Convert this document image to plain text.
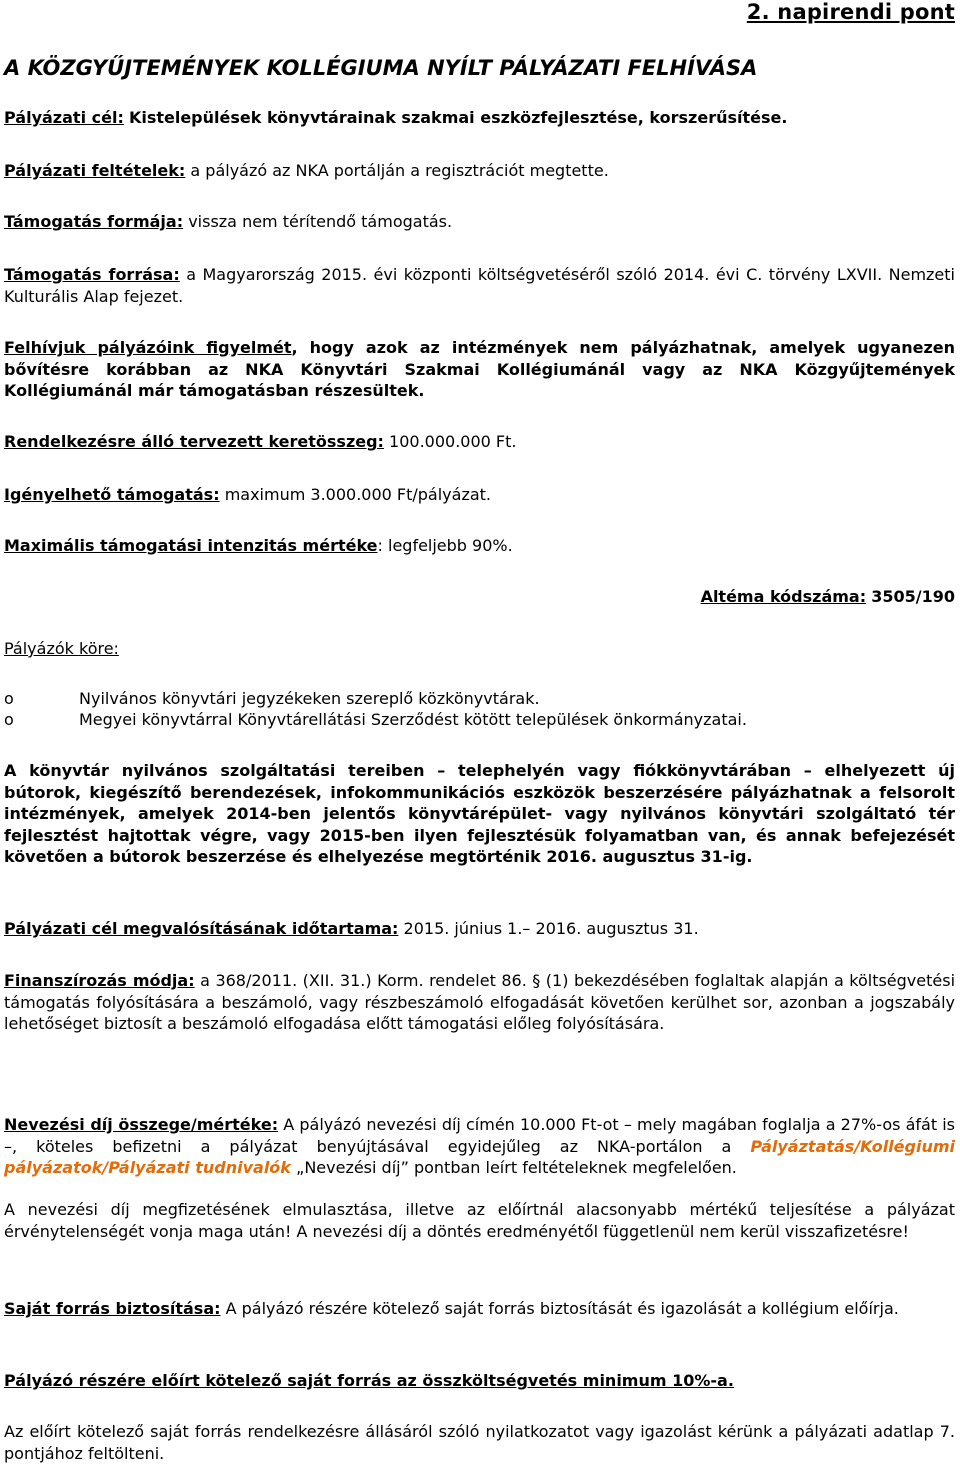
2. napirendi pont
A KÖZGYŰJTEMÉNYEK KOLLÉGIUMA NYÍLT PÁLYÁZATI FELHÍVÁSA
Pályázati cél: Kistelepülések könyvtárainak szakmai eszközfejlesztése, korszerűsítése.
Pályázati feltételek: a pályázó az NKA portálján a regisztrációt megtette.
Támogatás formája: vissza nem térítendő támogatás.
Támogatás forrása: a Magyarország 2015. évi központi költségvetéséről szóló 2014. évi C. törvény LXVII. Nemzeti Kulturális Alap fejezet.
Felhívjuk pályázóink figyelmét, hogy azok az intézmények nem pályázhatnak, amelyek ugyanezen bővítésre korábban az NKA Könyvtári Szakmai Kollégiumánál vagy az NKA Közgyűjtemények Kollégiumánál már támogatásban részesültek.
Rendelkezésre álló tervezett keretösszeg: 100.000.000 Ft.
Igényelhető támogatás: maximum 3.000.000 Ft/pályázat.
Maximális támogatási intenzitás mértéke: legfeljebb 90%.
Altéma kódszáma: 3505/190
Pályázók köre:
o	Nyilvános könyvtári jegyzékeken szereplő közkönyvtárak.
o	Megyei könyvtárral Könyvtárellátási Szerződést kötött települések önkormányzatai.
A könyvtár nyilvános szolgáltatási tereiben – telephelyén vagy fiókkönyvtárában – elhelyezett új bútorok, kiegészítő berendezések, infokommunikációs eszközök beszerzésére pályázhatnak a felsorolt intézmények, amelyek 2014-ben jelentős könyvtárépület- vagy nyilvános könyvtári szolgáltató tér fejlesztést hajtottak végre, vagy 2015-ben ilyen fejlesztésük folyamatban van, és annak befejezését követően a bútorok beszerzése és elhelyezése megtörténik 2016. augusztus 31-ig.
Pályázati cél megvalósításának időtartama: 2015. június 1.– 2016. augusztus 31.
Finanszírozás módja: a 368/2011. (XII. 31.) Korm. rendelet 86. § (1) bekezdésében foglaltak alapján a költségvetési támogatás folyósítására a beszámoló, vagy részbeszámoló elfogadását követően kerülhet sor, azonban a jogszabály lehetőséget biztosít a beszámoló elfogadása előtt támogatási előleg folyósítására.
Nevezési díj összege/mértéke: A pályázó nevezési díj címén 10.000 Ft-ot – mely magában foglalja a 27%-os áfát is –, köteles befizetni a pályázat benyújtásával egyidejűleg az NKA-portálon a Pályáztatás/Kollégiumi pályázatok/Pályázati tudnivalók „Nevezési díj” pontban leírt feltételeknek megfelelően.
A nevezési díj megfizetésének elmulasztása, illetve az előírtnál alacsonyabb mértékű teljesítése a pályázat érvénytelenségét vonja maga után! A nevezési díj a döntés eredményétől függetlenül nem kerül visszafizetésre!
Saját forrás biztosítása: A pályázó részére kötelező saját forrás biztosítását és igazolását a kollégium előírja.
Pályázó részére előírt kötelező saját forrás az összköltségvetés minimum 10%-a.
Az előírt kötelező saját forrás rendelkezésre állásáról szóló nyilatkozatot vagy igazolást kérünk a pályázati adatlap 7. pontjához feltölteni.
